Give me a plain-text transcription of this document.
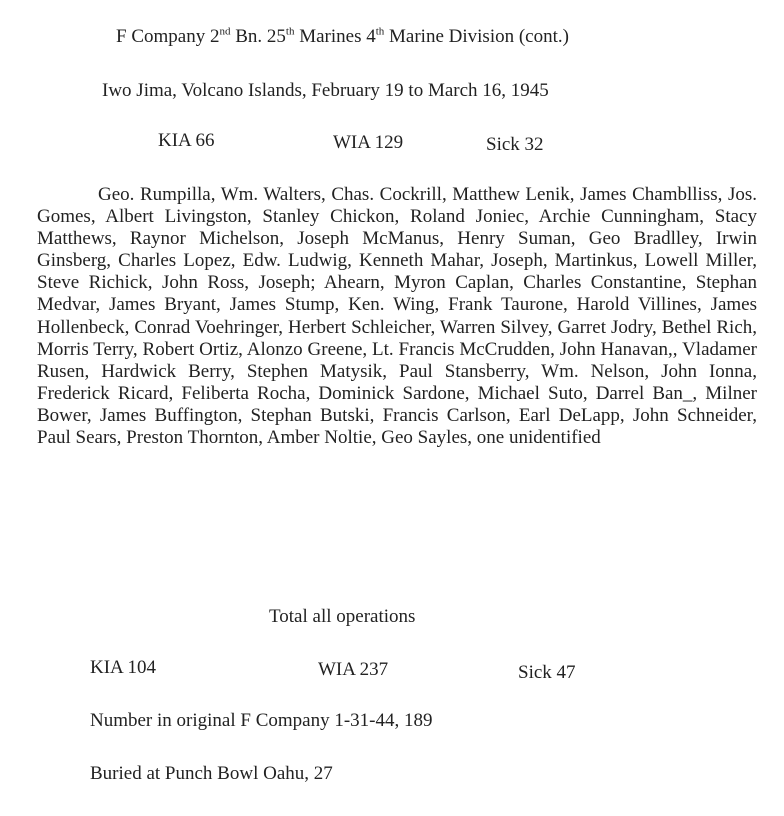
F Company 2nd Bn. 25th Marines 4th Marine Division (cont.)
Iwo Jima, Volcano Islands, February 19 to March 16, 1945
KIA 66	WIA 129	Sick 32

Geo. Rumpilla, Wm. Walters, Chas. Cockrill, Matthew Lenik, James Chamblliss, Jos. Gomes, Albert Livingston, Stanley Chickon, Roland Joniec, Archie Cunningham, Stacy Matthews, Raynor Michelson, Joseph McManus, Henry Suman, Geo Bradlley, Irwin Ginsberg, Charles Lopez, Edw. Ludwig, Kenneth Mahar, Joseph, Martinkus, Lowell Miller, Steve Richick, John Ross, Joseph; Ahearn, Myron Caplan, Charles Constantine, Stephan Medvar, James Bryant, James Stump, Ken. Wing, Frank Taurone, Harold Villines, James Hollenbeck, Conrad Voehringer, Herbert Schleicher, Warren Silvey, Garret Jodry, Bethel Rich, Morris Terry, Robert Ortiz, Alonzo Greene, Lt. Francis McCrudden, John Hanavan,, Vladamer Rusen, Hardwick Berry, Stephen Matysik, Paul Stansberry, Wm. Nelson, John Ionna, Frederick Ricard, Feliberta Rocha, Dominick Sardone, Michael Suto, Darrel Ban_, Milner Bower, James Buffington, Stephan Butski, Francis Carlson, Earl DeLapp, John Schneider, Paul Sears, Preston Thornton, Amber Noltie, Geo Sayles, one unidentified

Total all operations
KIA 104	WIA 237	Sick 47
Number in original F Company 1-31-44, 189
Buried at Punch Bowl Oahu, 27
